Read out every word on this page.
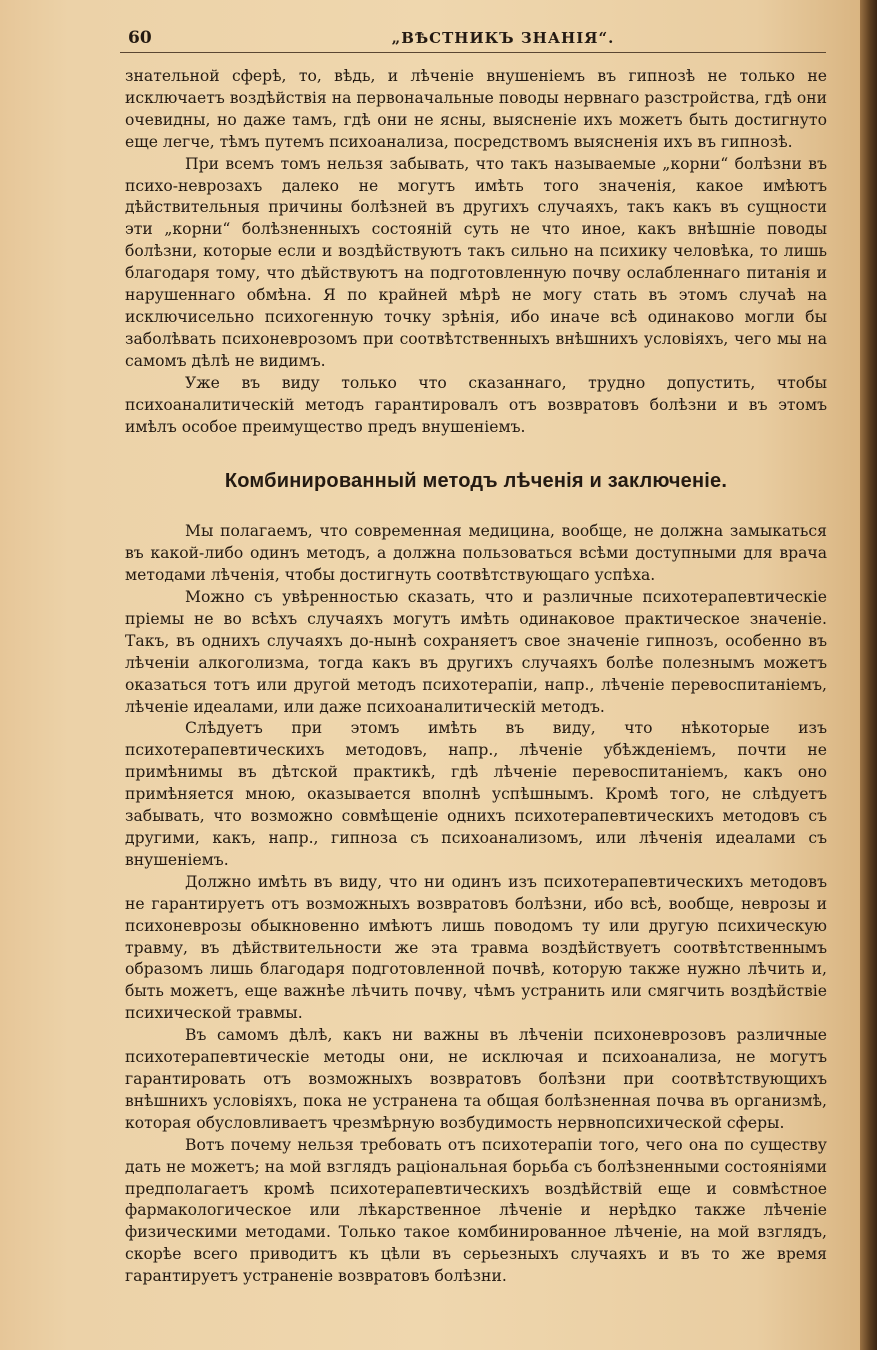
60	„ВѢСТНИКЪ ЗНАНІЯ“.

знательной сферѣ, то, вѣдь, и лѣченіе внушеніемъ въ гипнозѣ не только не исключаетъ воздѣйствія на первоначальные поводы нервнаго разстройства, гдѣ они очевидны, но даже тамъ, гдѣ они не ясны, выясненіе ихъ можетъ быть достигнуто еще легче, тѣмъ путемъ психоанализа, посредствомъ выясненія ихъ въ гипнозѣ.

При всемъ томъ нельзя забывать, что такъ называемые „корни“ болѣзни въ психо-неврозахъ далеко не могутъ имѣть того значенія, какое имѣютъ дѣйствительныя причины болѣзней въ другихъ случаяхъ, такъ какъ въ сущности эти „корни“ болѣзненныхъ состояній суть не что иное, какъ внѣшніе поводы болѣзни, которые если и воздѣйствуютъ такъ сильно на психику человѣка, то лишь благодаря тому, что дѣйствуютъ на подготовленную почву ослабленнаго питанія и нарушеннаго обмѣна. Я по крайней мѣрѣ не могу стать въ этомъ случаѣ на исключисельно психогенную точку зрѣнія, ибо иначе всѣ одинаково могли бы заболѣвать психоневрозомъ при соотвѣтственныхъ внѣшнихъ условіяхъ, чего мы на самомъ дѣлѣ не видимъ.

Уже въ виду только что сказаннаго, трудно допустить, чтобы психоаналитическій методъ гарантировалъ отъ возвратовъ болѣзни и въ этомъ имѣлъ особое преимущество предъ внушеніемъ.

Комбинированный методъ лѣченія и заключеніе.

Мы полагаемъ, что современная медицина, вообще, не должна замыкаться въ какой-либо одинъ методъ, а должна пользоваться всѣми доступными для врача методами лѣченія, чтобы достигнуть соотвѣтствующаго успѣха.

Можно съ увѣренностью сказать, что и различные психотерапевтическіе пріемы не во всѣхъ случаяхъ могутъ имѣть одинаковое практическое значеніе. Такъ, въ однихъ случаяхъ до-нынѣ сохраняетъ свое значеніе гипнозъ, особенно въ лѣченіи алкоголизма, тогда какъ въ другихъ случаяхъ болѣе полезнымъ можетъ оказаться тотъ или другой методъ психотерапіи, напр., лѣченіе перевоспитаніемъ, лѣченіе идеалами, или даже психоаналитическій методъ.

Слѣдуетъ при этомъ имѣть въ виду, что нѣкоторые изъ психотерапевтическихъ методовъ, напр., лѣченіе убѣжденіемъ, почти не примѣнимы въ дѣтской практикѣ, гдѣ лѣченіе перевоспитаніемъ, какъ оно примѣняется мною, оказывается вполнѣ успѣшнымъ. Кромѣ того, не слѣдуетъ забывать, что возможно совмѣщеніе однихъ психотерапевтическихъ методовъ съ другими, какъ, напр., гипноза съ психоанализомъ, или лѣченія идеалами съ внушеніемъ.

Должно имѣть въ виду, что ни одинъ изъ психотерапевтическихъ методовъ не гарантируетъ отъ возможныхъ возвратовъ болѣзни, ибо всѣ, вообще, неврозы и психоневрозы обыкновенно имѣютъ лишь поводомъ ту или другую психическую травму, въ дѣйствительности же эта травма воздѣйствуетъ соотвѣтственнымъ образомъ лишь благодаря подготовленной почвѣ, которую также нужно лѣчить и, быть можетъ, еще важнѣе лѣчить почву, чѣмъ устранить или смягчить воздѣйствіе психической травмы.

Въ самомъ дѣлѣ, какъ ни важны въ лѣченіи психоневрозовъ различные психотерапевтическіе методы они, не исключая и психоанализа, не могутъ гарантировать отъ возможныхъ возвратовъ болѣзни при соотвѣтствующихъ внѣшнихъ условіяхъ, пока не устранена та общая болѣзненная почва въ организмѣ, которая обусловливаетъ чрезмѣрную возбудимость нервнопсихической сферы.

Вотъ почему нельзя требовать отъ психотерапіи того, чего она по существу дать не можетъ; на мой взглядъ раціональная борьба съ болѣзненными состояніями предполагаетъ кромѣ психотерапевтическихъ воздѣйствій еще и совмѣстное фармакологическое или лѣкарственное лѣченіе и нерѣдко также лѣченіе физическими методами. Только такое комбинированное лѣченіе, на мой взглядъ, скорѣе всего приводитъ къ цѣли въ серьезныхъ случаяхъ и въ то же время гарантируетъ устраненіе возвратовъ болѣзни.
